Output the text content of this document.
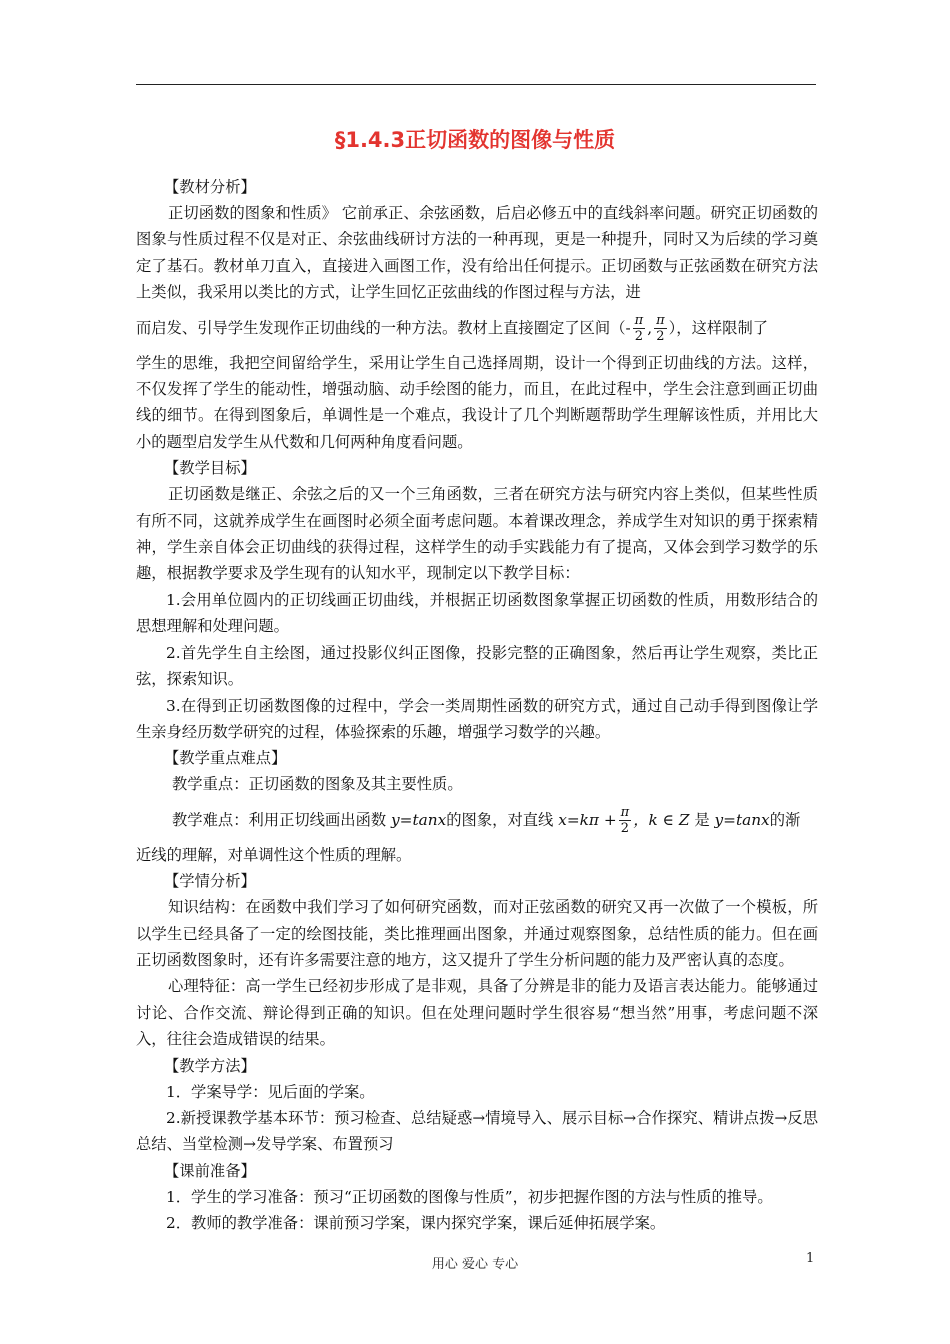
§1.4.3正切函数的图像与性质

【教材分析】

正切函数的图象和性质》 它前承正、余弦函数，后启必修五中的直线斜率问题。研究正切函数的图象与性质过程不仅是对正、余弦曲线研讨方法的一种再现，更是一种提升，同时又为后续的学习奠定了基石。教材单刀直入，直接进入画图工作，没有给出任何提示。正切函数与正弦函数在研究方法上类似，我采用以类比的方式，让学生回忆正弦曲线的作图过程与方法，进

而启发、引导学生发现作正切曲线的一种方法。教材上直接圈定了区间（- $\frac{\pi}{2}$ , $\frac{\pi}{2}$ ），这样限制了

学生的思维，我把空间留给学生，采用让学生自己选择周期，设计一个得到正切曲线的方法。这样，不仅发挥了学生的能动性，增强动脑、动手绘图的能力，而且，在此过程中，学生会注意到画正切曲线的细节。在得到图象后，单调性是一个难点，我设计了几个判断题帮助学生理解该性质，并用比大小的题型启发学生从代数和几何两种角度看问题。

【教学目标】

正切函数是继正、余弦之后的又一个三角函数，三者在研究方法与研究内容上类似，但某些性质有所不同，这就养成学生在画图时必须全面考虑问题。本着课改理念，养成学生对知识的勇于探索精神，学生亲自体会正切曲线的获得过程，这样学生的动手实践能力有了提高，又体会到学习数学的乐趣，根据教学要求及学生现有的认知水平，现制定以下教学目标：

1.会用单位圆内的正切线画正切曲线，并根据正切函数图象掌握正切函数的性质，用数形结合的思想理解和处理问题。

2.首先学生自主绘图，通过投影仪纠正图像，投影完整的正确图象，然后再让学生观察，类比正弦，探索知识。

3.在得到正切函数图像的过程中，学会一类周期性函数的研究方式，通过自己动手得到图像让学生亲身经历数学研究的过程，体验探索的乐趣，增强学习数学的兴趣。

【教学重点难点】

教学重点：正切函数的图象及其主要性质。

教学难点：利用正切线画出函数 y=tanx的图象，对直线 $x=k\pi + \frac{\pi}{2}$ ，k ∈ Z 是 y=tanx的渐

近线的理解，对单调性这个性质的理解。

【学情分析】

知识结构：在函数中我们学习了如何研究函数，而对正弦函数的研究又再一次做了一个模板，所以学生已经具备了一定的绘图技能，类比推理画出图象，并通过观察图象，总结性质的能力。但在画正切函数图象时，还有许多需要注意的地方，这又提升了学生分析问题的能力及严密认真的态度。

心理特征：高一学生已经初步形成了是非观，具备了分辨是非的能力及语言表达能力。能够通过讨论、合作交流、辩论得到正确的知识。但在处理问题时学生很容易“想当然”用事，考虑问题不深入，往往会造成错误的结果。

【教学方法】

1．学案导学：见后面的学案。

2.新授课教学基本环节：预习检查、总结疑惑→情境导入、展示目标→合作探究、精讲点拨→反思总结、当堂检测→发导学案、布置预习

【课前准备】

1．学生的学习准备：预习“正切函数的图像与性质”，初步把握作图的方法与性质的推导。

2．教师的教学准备：课前预习学案，课内探究学案，课后延伸拓展学案。

用心 爱心 专心	1
